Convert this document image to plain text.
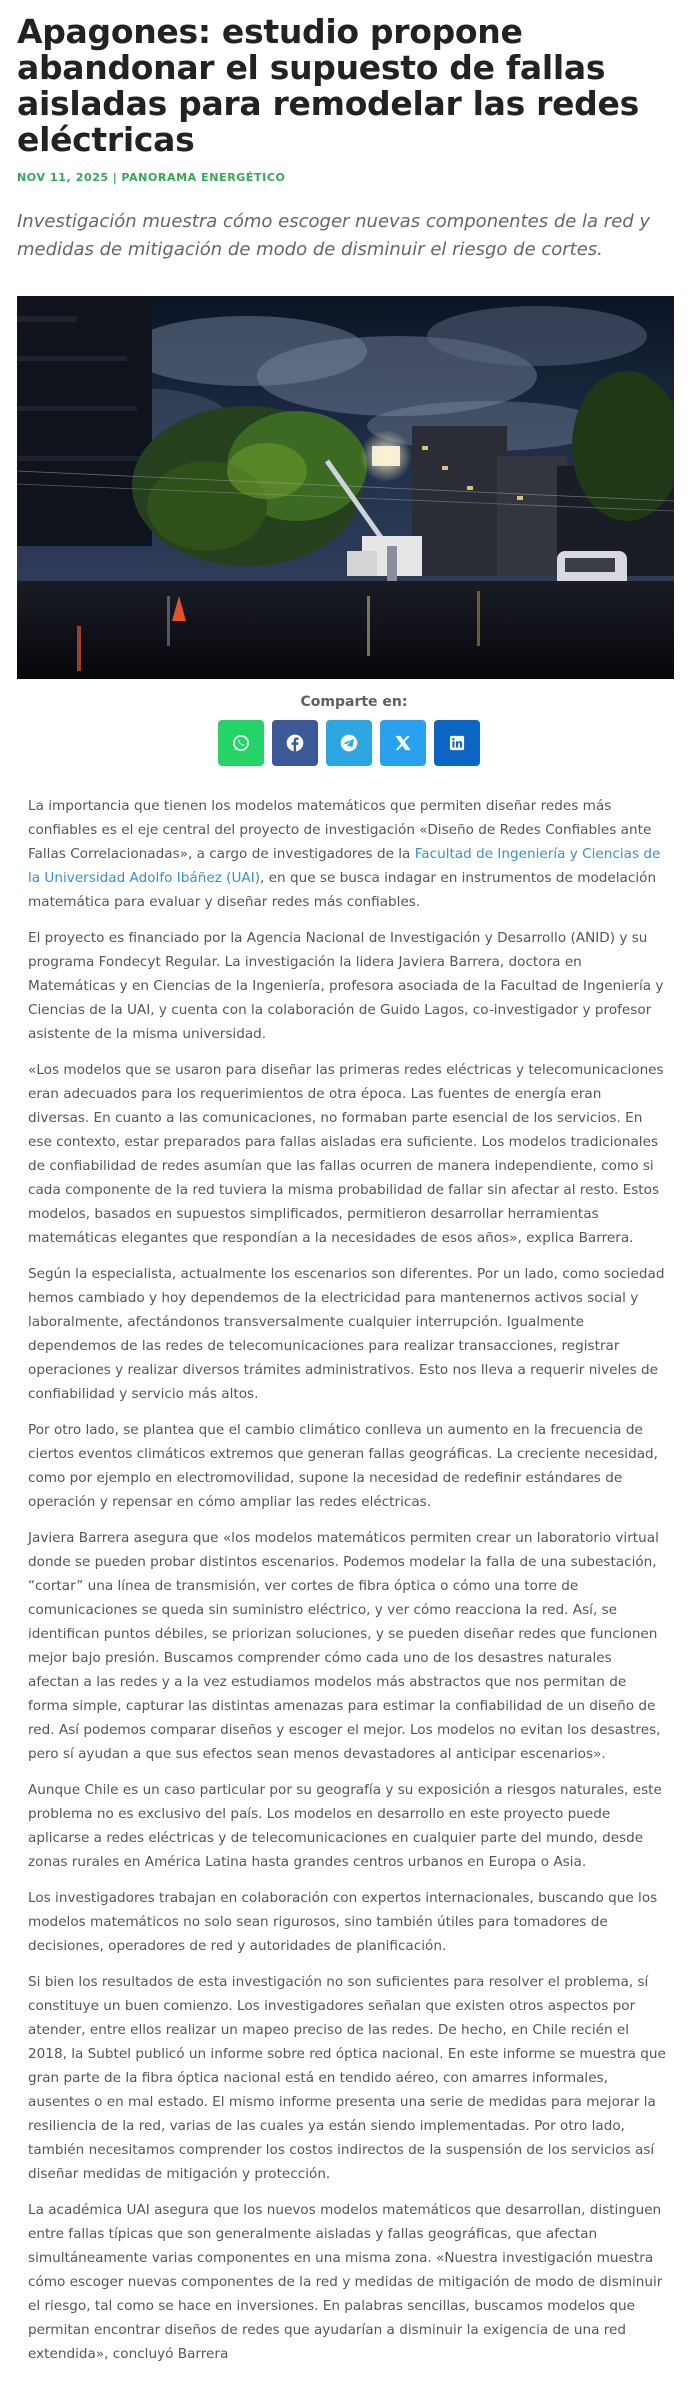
Apagones: estudio propone abandonar el supuesto de fallas aisladas para remodelar las redes eléctricas
NOV 11, 2025 | PANORAMA ENERGÉTICO

Investigación muestra cómo escoger nuevas componentes de la red y medidas de mitigación de modo de disminuir el riesgo de cortes.

Comparte en:

La importancia que tienen los modelos matemáticos que permiten diseñar redes más confiables es el eje central del proyecto de investigación «Diseño de Redes Confiables ante Fallas Correlacionadas», a cargo de investigadores de la Facultad de Ingeniería y Ciencias de la Universidad Adolfo Ibáñez (UAI), en que se busca indagar en instrumentos de modelación matemática para evaluar y diseñar redes más confiables.

El proyecto es financiado por la Agencia Nacional de Investigación y Desarrollo (ANID) y su programa Fondecyt Regular. La investigación la lidera Javiera Barrera, doctora en Matemáticas y en Ciencias de la Ingeniería, profesora asociada de la Facultad de Ingeniería y Ciencias de la UAI, y cuenta con la colaboración de Guido Lagos, co-investigador y profesor asistente de la misma universidad.

«Los modelos que se usaron para diseñar las primeras redes eléctricas y telecomunicaciones eran adecuados para los requerimientos de otra época. Las fuentes de energía eran diversas. En cuanto a las comunicaciones, no formaban parte esencial de los servicios. En ese contexto, estar preparados para fallas aisladas era suficiente. Los modelos tradicionales de confiabilidad de redes asumían que las fallas ocurren de manera independiente, como si cada componente de la red tuviera la misma probabilidad de fallar sin afectar al resto. Estos modelos, basados en supuestos simplificados, permitieron desarrollar herramientas matemáticas elegantes que respondían a la necesidades de esos años», explica Barrera.

Según la especialista, actualmente los escenarios son diferentes. Por un lado, como sociedad hemos cambiado y hoy dependemos de la electricidad para mantenernos activos social y laboralmente, afectándonos transversalmente cualquier interrupción. Igualmente dependemos de las redes de telecomunicaciones para realizar transacciones, registrar operaciones y realizar diversos trámites administrativos. Esto nos lleva a requerir niveles de confiabilidad y servicio más altos.

Por otro lado, se plantea que el cambio climático conlleva un aumento en la frecuencia de ciertos eventos climáticos extremos que generan fallas geográficas. La creciente necesidad, como por ejemplo en electromovilidad, supone la necesidad de redefinir estándares de operación y repensar en cómo ampliar las redes eléctricas.

Javiera Barrera asegura que «los modelos matemáticos permiten crear un laboratorio virtual donde se pueden probar distintos escenarios. Podemos modelar la falla de una subestación, “cortar” una línea de transmisión, ver cortes de fibra óptica o cómo una torre de comunicaciones se queda sin suministro eléctrico, y ver cómo reacciona la red. Así, se identifican puntos débiles, se priorizan soluciones, y se pueden diseñar redes que funcionen mejor bajo presión. Buscamos comprender cómo cada uno de los desastres naturales afectan a las redes y a la vez estudiamos modelos más abstractos que nos permitan de forma simple, capturar las distintas amenazas para estimar la confiabilidad de un diseño de red. Así podemos comparar diseños y escoger el mejor. Los modelos no evitan los desastres, pero sí ayudan a que sus efectos sean menos devastadores al anticipar escenarios».

Aunque Chile es un caso particular por su geografía y su exposición a riesgos naturales, este problema no es exclusivo del país. Los modelos en desarrollo en este proyecto puede aplicarse a redes eléctricas y de telecomunicaciones en cualquier parte del mundo, desde zonas rurales en América Latina hasta grandes centros urbanos en Europa o Asia.

Los investigadores trabajan en colaboración con expertos internacionales, buscando que los modelos matemáticos no solo sean rigurosos, sino también útiles para tomadores de decisiones, operadores de red y autoridades de planificación.

Si bien los resultados de esta investigación no son suficientes para resolver el problema, sí constituye un buen comienzo. Los investigadores señalan que existen otros aspectos por atender, entre ellos realizar un mapeo preciso de las redes. De hecho, en Chile recién el 2018, la Subtel publicó un informe sobre red óptica nacional. En este informe se muestra que gran parte de la fibra óptica nacional está en tendido aéreo, con amarres informales, ausentes o en mal estado. El mismo informe presenta una serie de medidas para mejorar la resiliencia de la red, varias de las cuales ya están siendo implementadas. Por otro lado, también necesitamos comprender los costos indirectos de la suspensión de los servicios así diseñar medidas de mitigación y protección.

La académica UAI asegura que los nuevos modelos matemáticos que desarrollan, distinguen entre fallas típicas que son generalmente aisladas y fallas geográficas, que afectan simultáneamente varias componentes en una misma zona. «Nuestra investigación muestra cómo escoger nuevas componentes de la red y medidas de mitigación de modo de disminuir el riesgo, tal como se hace en inversiones. En palabras sencillas, buscamos modelos que permitan encontrar diseños de redes que ayudarían a disminuir la exigencia de una red extendida», concluyó Barrera
